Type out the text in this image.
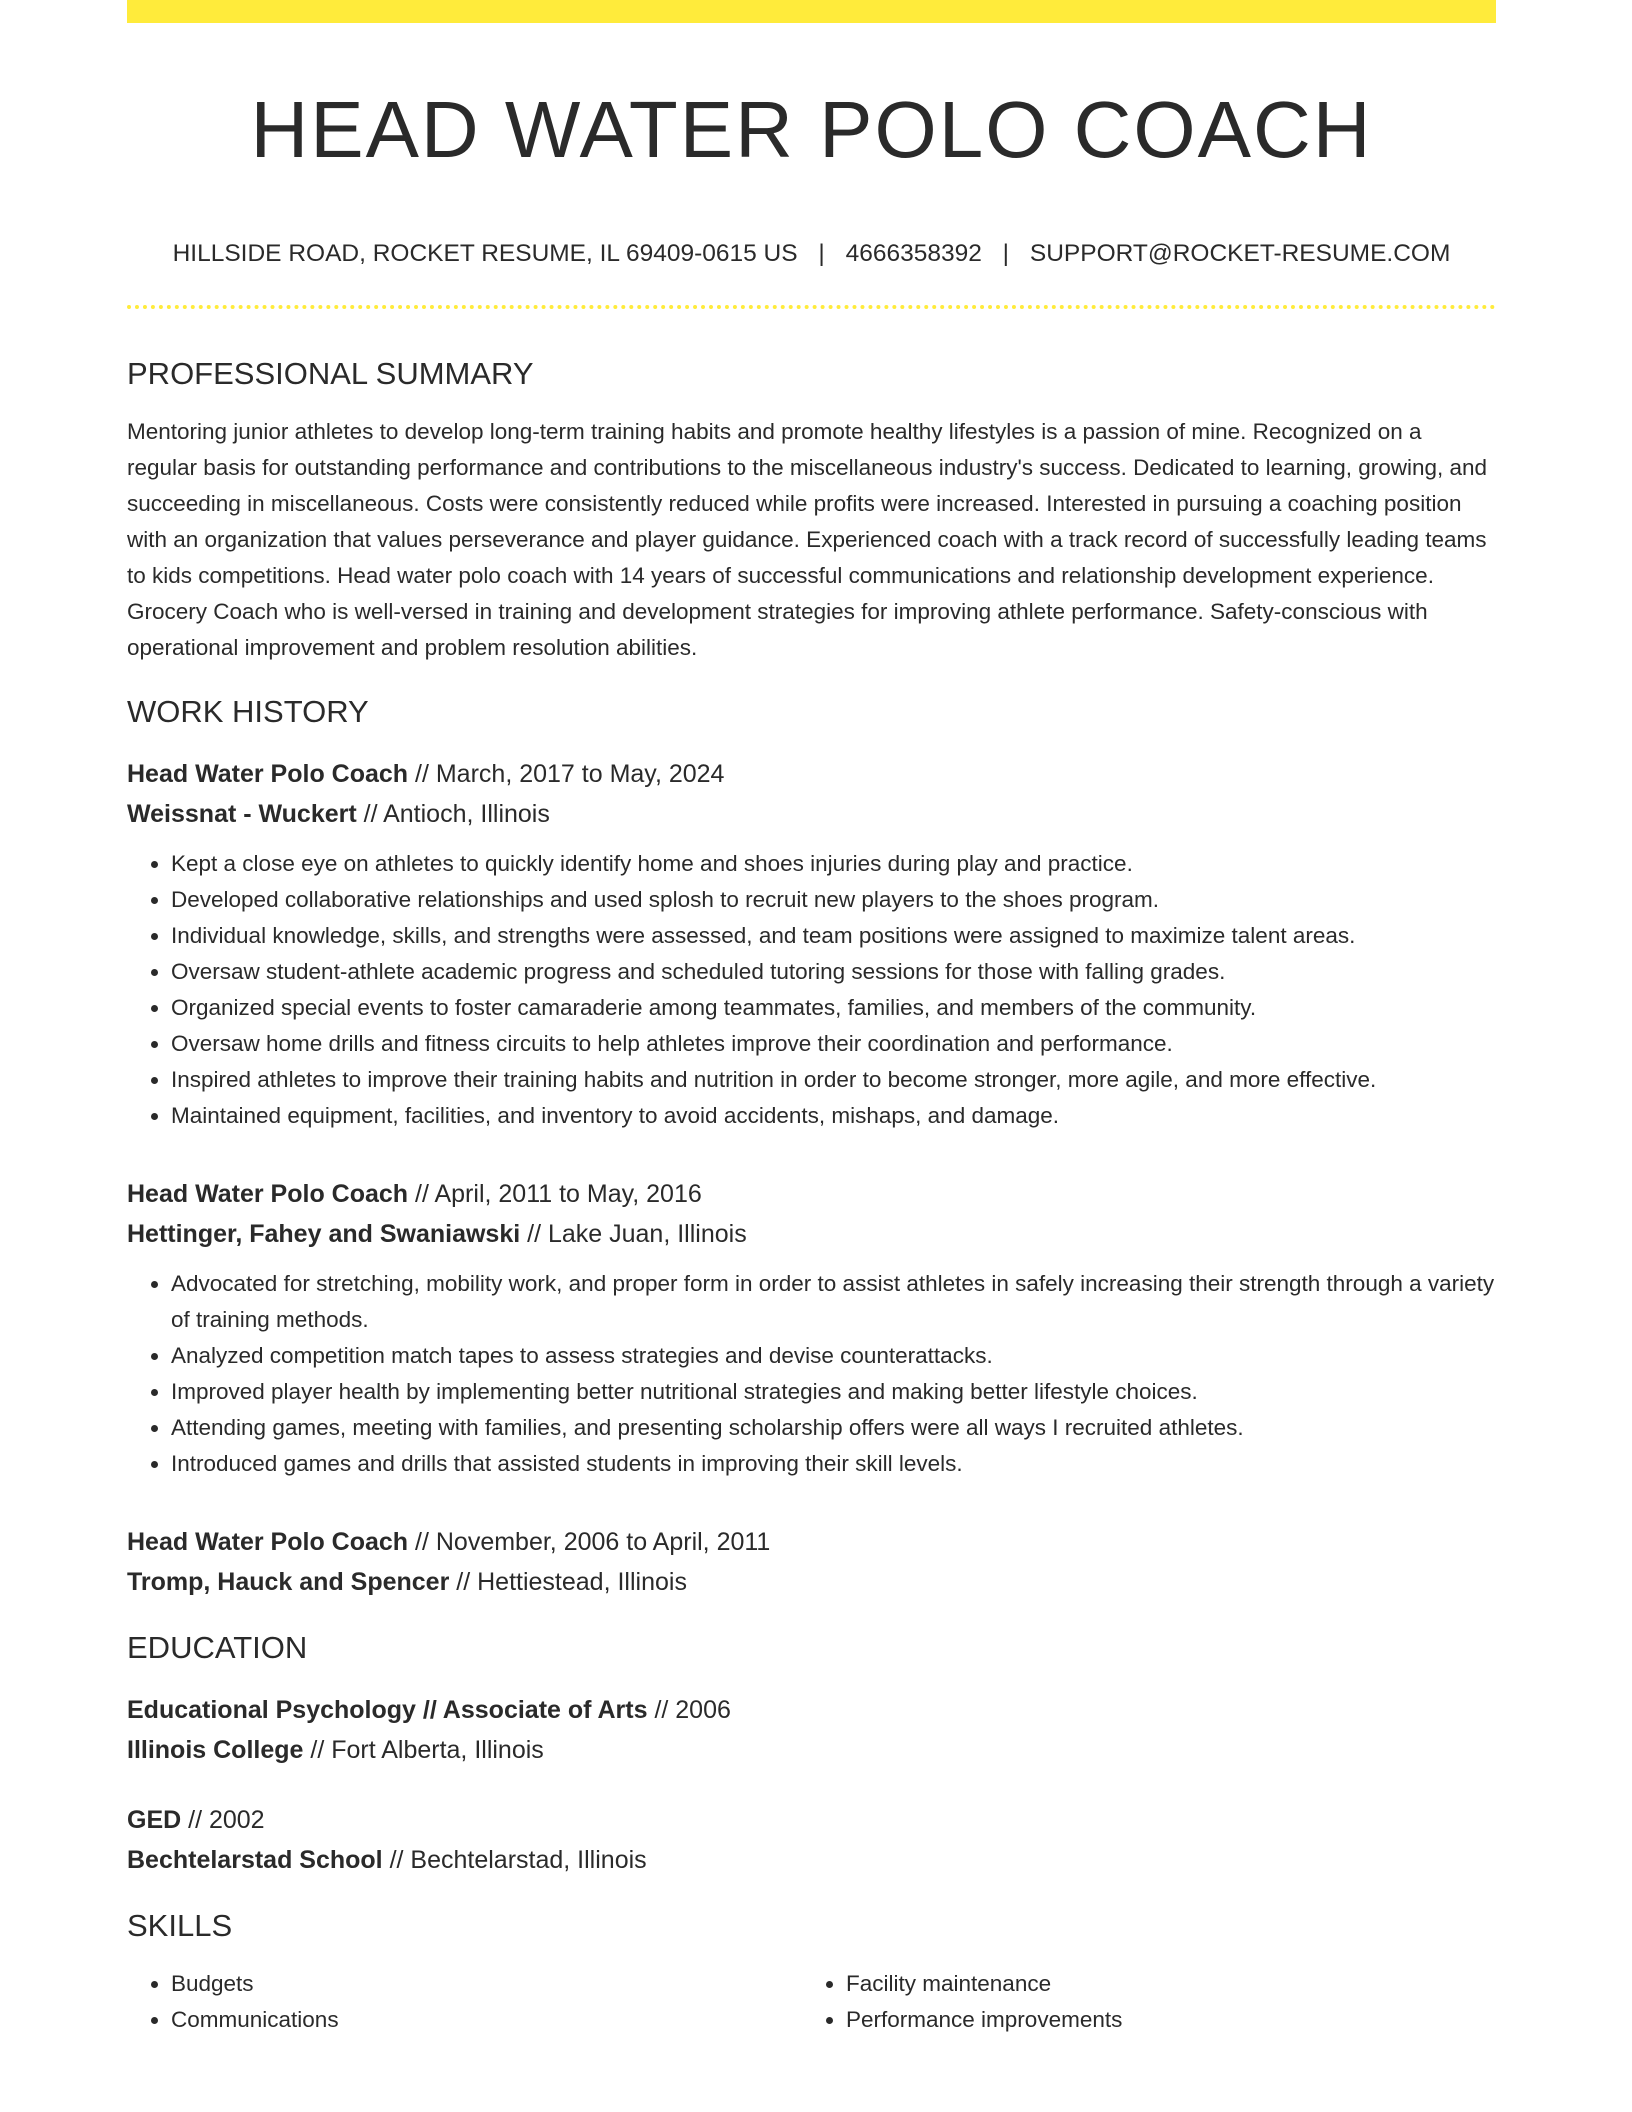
HEAD WATER POLO COACH
HILLSIDE ROAD, ROCKET RESUME, IL 69409-0615 US | 4666358392 | SUPPORT@ROCKET-RESUME.COM
PROFESSIONAL SUMMARY

Mentoring junior athletes to develop long-term training habits and promote healthy lifestyles is a passion of mine. Recognized on a regular basis for outstanding performance and contributions to the miscellaneous industry's success. Dedicated to learning, growing, and succeeding in miscellaneous. Costs were consistently reduced while profits were increased. Interested in pursuing a coaching position with an organization that values perseverance and player guidance. Experienced coach with a track record of successfully leading teams to kids competitions. Head water polo coach with 14 years of successful communications and relationship development experience. Grocery Coach who is well-versed in training and development strategies for improving athlete performance. Safety-conscious with operational improvement and problem resolution abilities.

WORK HISTORY
Head Water Polo Coach // March, 2017 to May, 2024
Weissnat - Wuckert // Antioch, Illinois
• Kept a close eye on athletes to quickly identify home and shoes injuries during play and practice.
• Developed collaborative relationships and used splosh to recruit new players to the shoes program.
• Individual knowledge, skills, and strengths were assessed, and team positions were assigned to maximize talent areas.
• Oversaw student-athlete academic progress and scheduled tutoring sessions for those with falling grades.
• Organized special events to foster camaraderie among teammates, families, and members of the community.
• Oversaw home drills and fitness circuits to help athletes improve their coordination and performance.
• Inspired athletes to improve their training habits and nutrition in order to become stronger, more agile, and more effective.
• Maintained equipment, facilities, and inventory to avoid accidents, mishaps, and damage.
Head Water Polo Coach // April, 2011 to May, 2016
Hettinger, Fahey and Swaniawski // Lake Juan, Illinois
• Advocated for stretching, mobility work, and proper form in order to assist athletes in safely increasing their strength through a variety of training methods.
• Analyzed competition match tapes to assess strategies and devise counterattacks.
• Improved player health by implementing better nutritional strategies and making better lifestyle choices.
• Attending games, meeting with families, and presenting scholarship offers were all ways I recruited athletes.
• Introduced games and drills that assisted students in improving their skill levels.
Head Water Polo Coach // November, 2006 to April, 2011
Tromp, Hauck and Spencer // Hettiestead, Illinois
EDUCATION
Educational Psychology // Associate of Arts // 2006
Illinois College // Fort Alberta, Illinois
GED // 2002
Bechtelarstad School // Bechtelarstad, Illinois
SKILLS
• Budgets
• Communications
• Facility maintenance
• Performance improvements
